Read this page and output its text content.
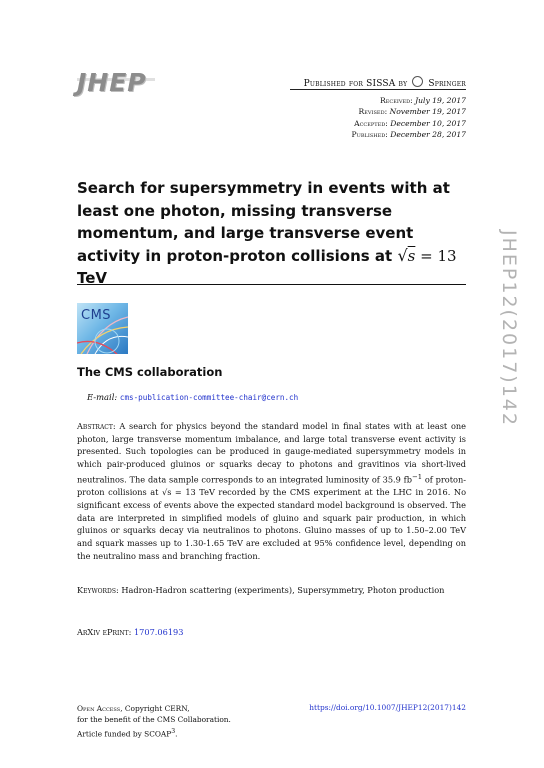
JHEP	Published for SISSA by Springer
Received: July 19, 2017
Revised: November 19, 2017
Accepted: December 10, 2017
Published: December 28, 2017
Search for supersymmetry in events with at least one photon, missing transverse momentum, and large transverse event activity in proton-proton collisions at √s = 13 TeV
CMS
The CMS collaboration
E-mail: cms-publication-committee-chair@cern.ch
Abstract: A search for physics beyond the standard model in final states with at least one photon, large transverse momentum imbalance, and large total transverse event activity is presented. Such topologies can be produced in gauge-mediated supersymmetry models in which pair-produced gluinos or squarks decay to photons and gravitinos via short-lived neutralinos. The data sample corresponds to an integrated luminosity of 35.9 $fb^{-1}$ of proton-proton collisions at √s = 13 TeV recorded by the CMS experiment at the LHC in 2016. No significant excess of events above the expected standard model background is observed. The data are interpreted in simplified models of gluino and squark pair production, in which gluinos or squarks decay via neutralinos to photons. Gluino masses of up to 1.50–2.00 TeV and squark masses up to 1.30-1.65 TeV are excluded at 95% confidence level, depending on the neutralino mass and branching fraction.
Keywords: Hadron-Hadron scattering (experiments), Supersymmetry, Photon production
ArXiv ePrint: 1707.06193
Open Access, Copyright CERN,
for the benefit of the CMS Collaboration.
Article funded by SCOAP$^3$.
https://doi.org/10.1007/JHEP12(2017)142
JHEP12(2017)142
